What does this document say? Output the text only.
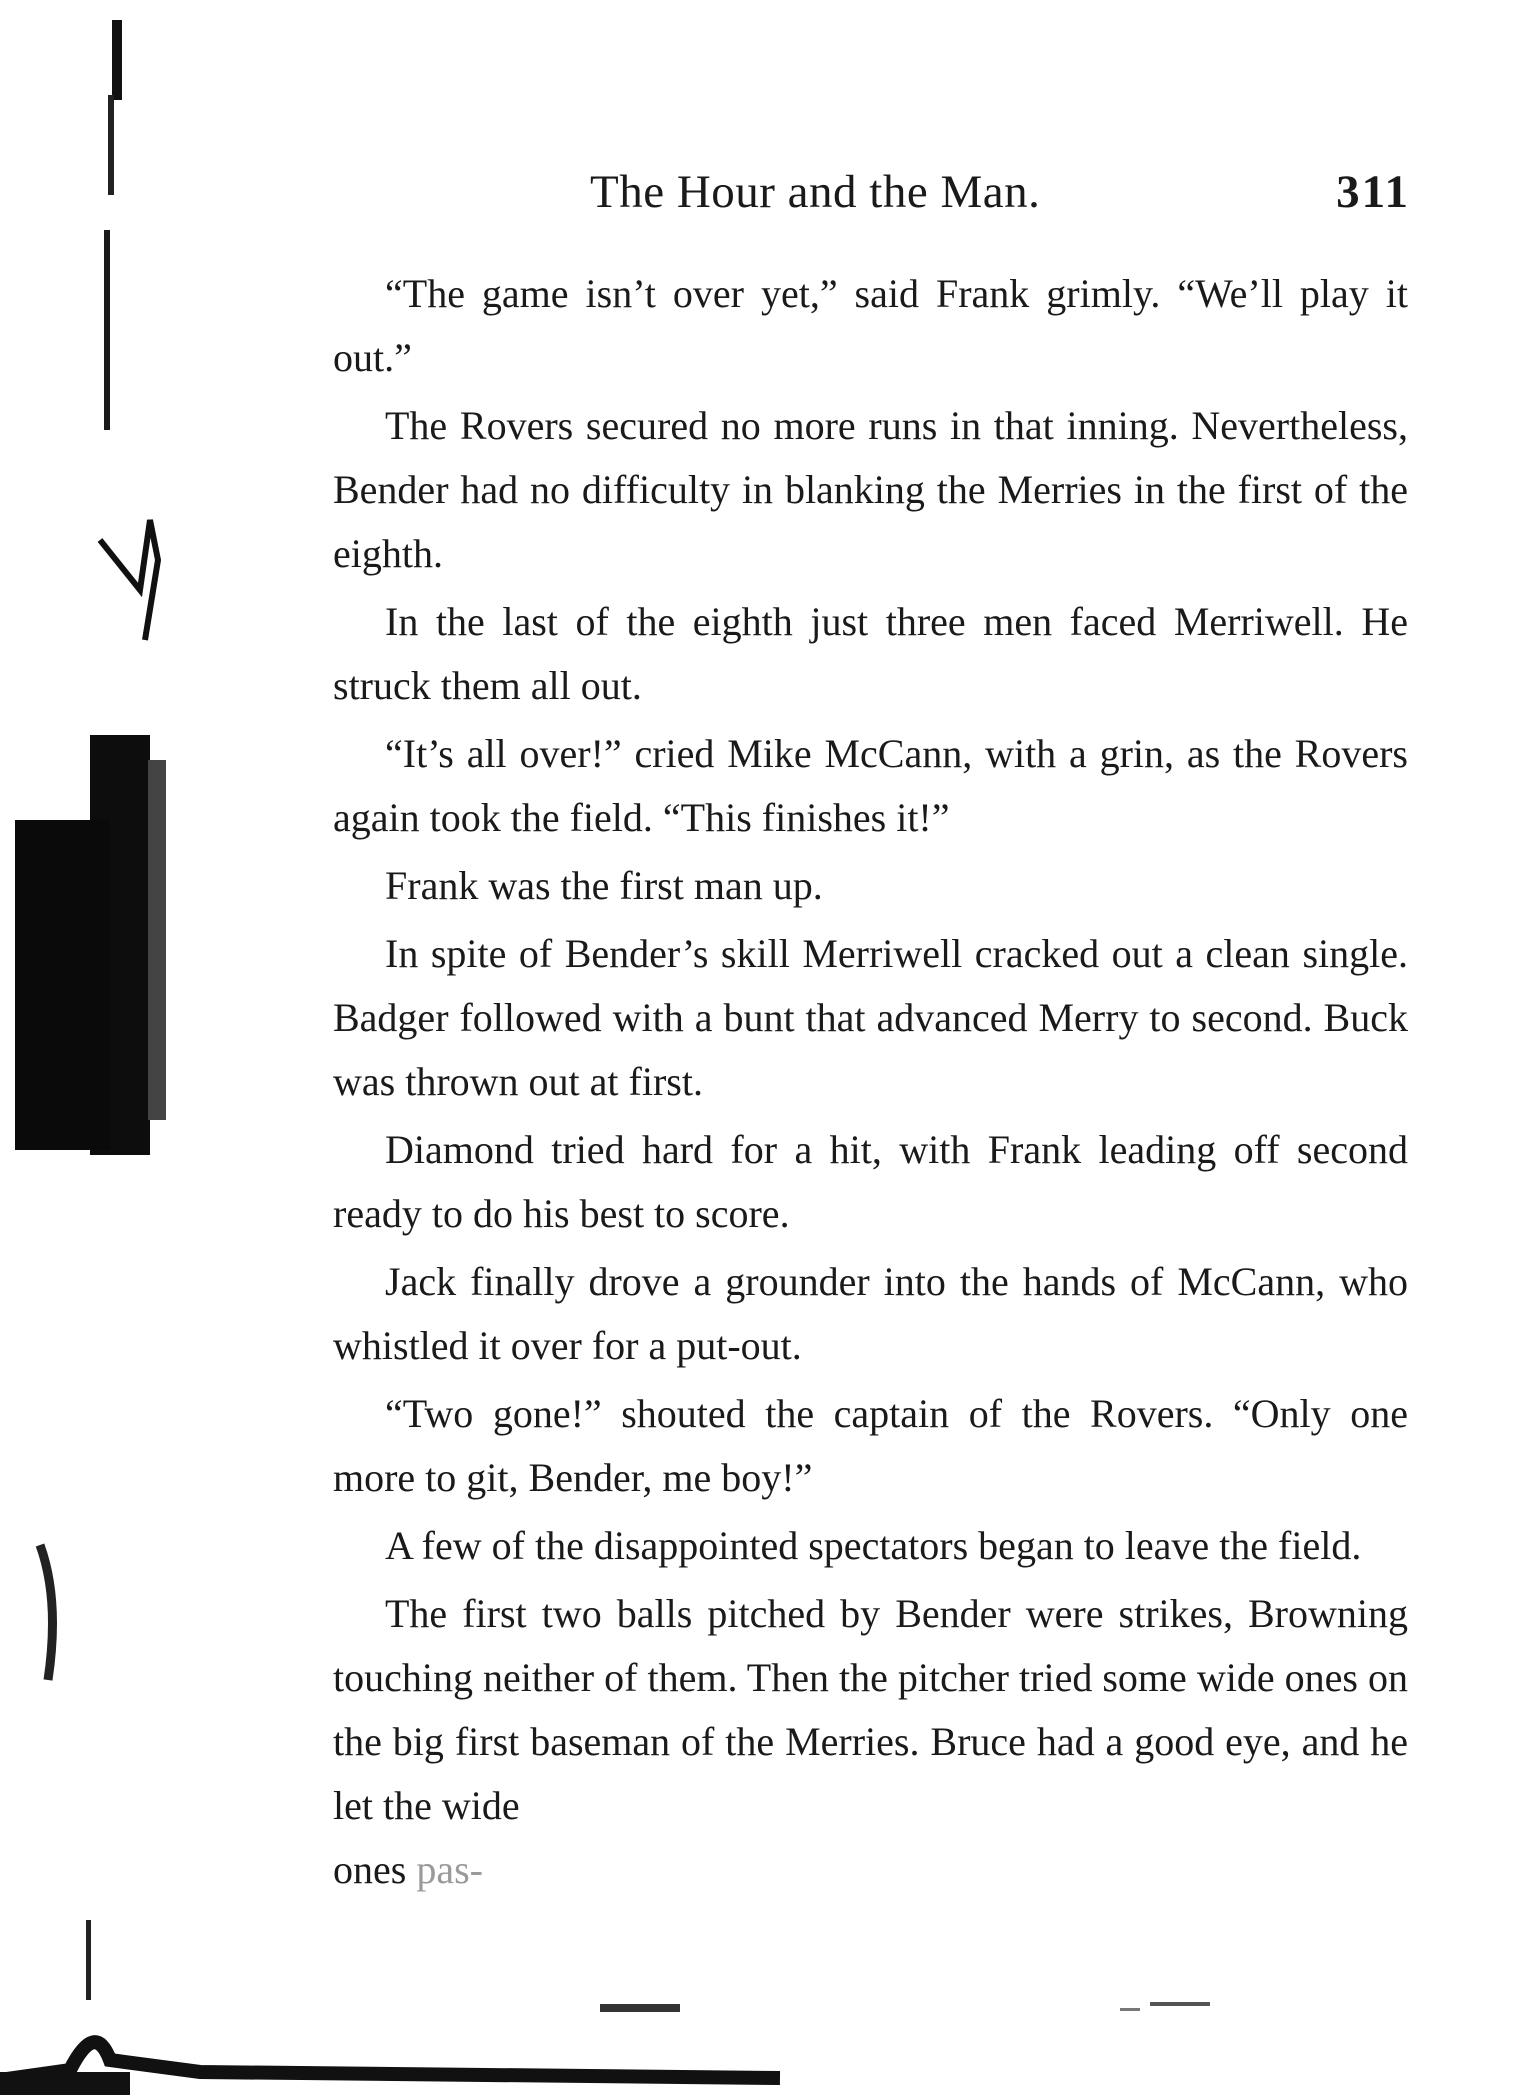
The Hour and the Man.	311

“The game isn’t over yet,” said Frank grimly. “We’ll play it out.”

The Rovers secured no more runs in that inning. Nevertheless, Bender had no difficulty in blanking the Merries in the first of the eighth.

In the last of the eighth just three men faced Merriwell. He struck them all out.

“It’s all over!” cried Mike McCann, with a grin, as the Rovers again took the field. “This finishes it!”

Frank was the first man up.

In spite of Bender’s skill Merriwell cracked out a clean single. Badger followed with a bunt that advanced Merry to second. Buck was thrown out at first.

Diamond tried hard for a hit, with Frank leading off second ready to do his best to score.

Jack finally drove a grounder into the hands of McCann, who whistled it over for a put-out.

“Two gone!” shouted the captain of the Rovers. “Only one more to git, Bender, me boy!”

A few of the disappointed spectators began to leave the field.

The first two balls pitched by Bender were strikes, Browning touching neither of them. Then the pitcher tried some wide ones on the big first baseman of the Merries. Bruce had a good eye, and he let the wide

ones pas-
